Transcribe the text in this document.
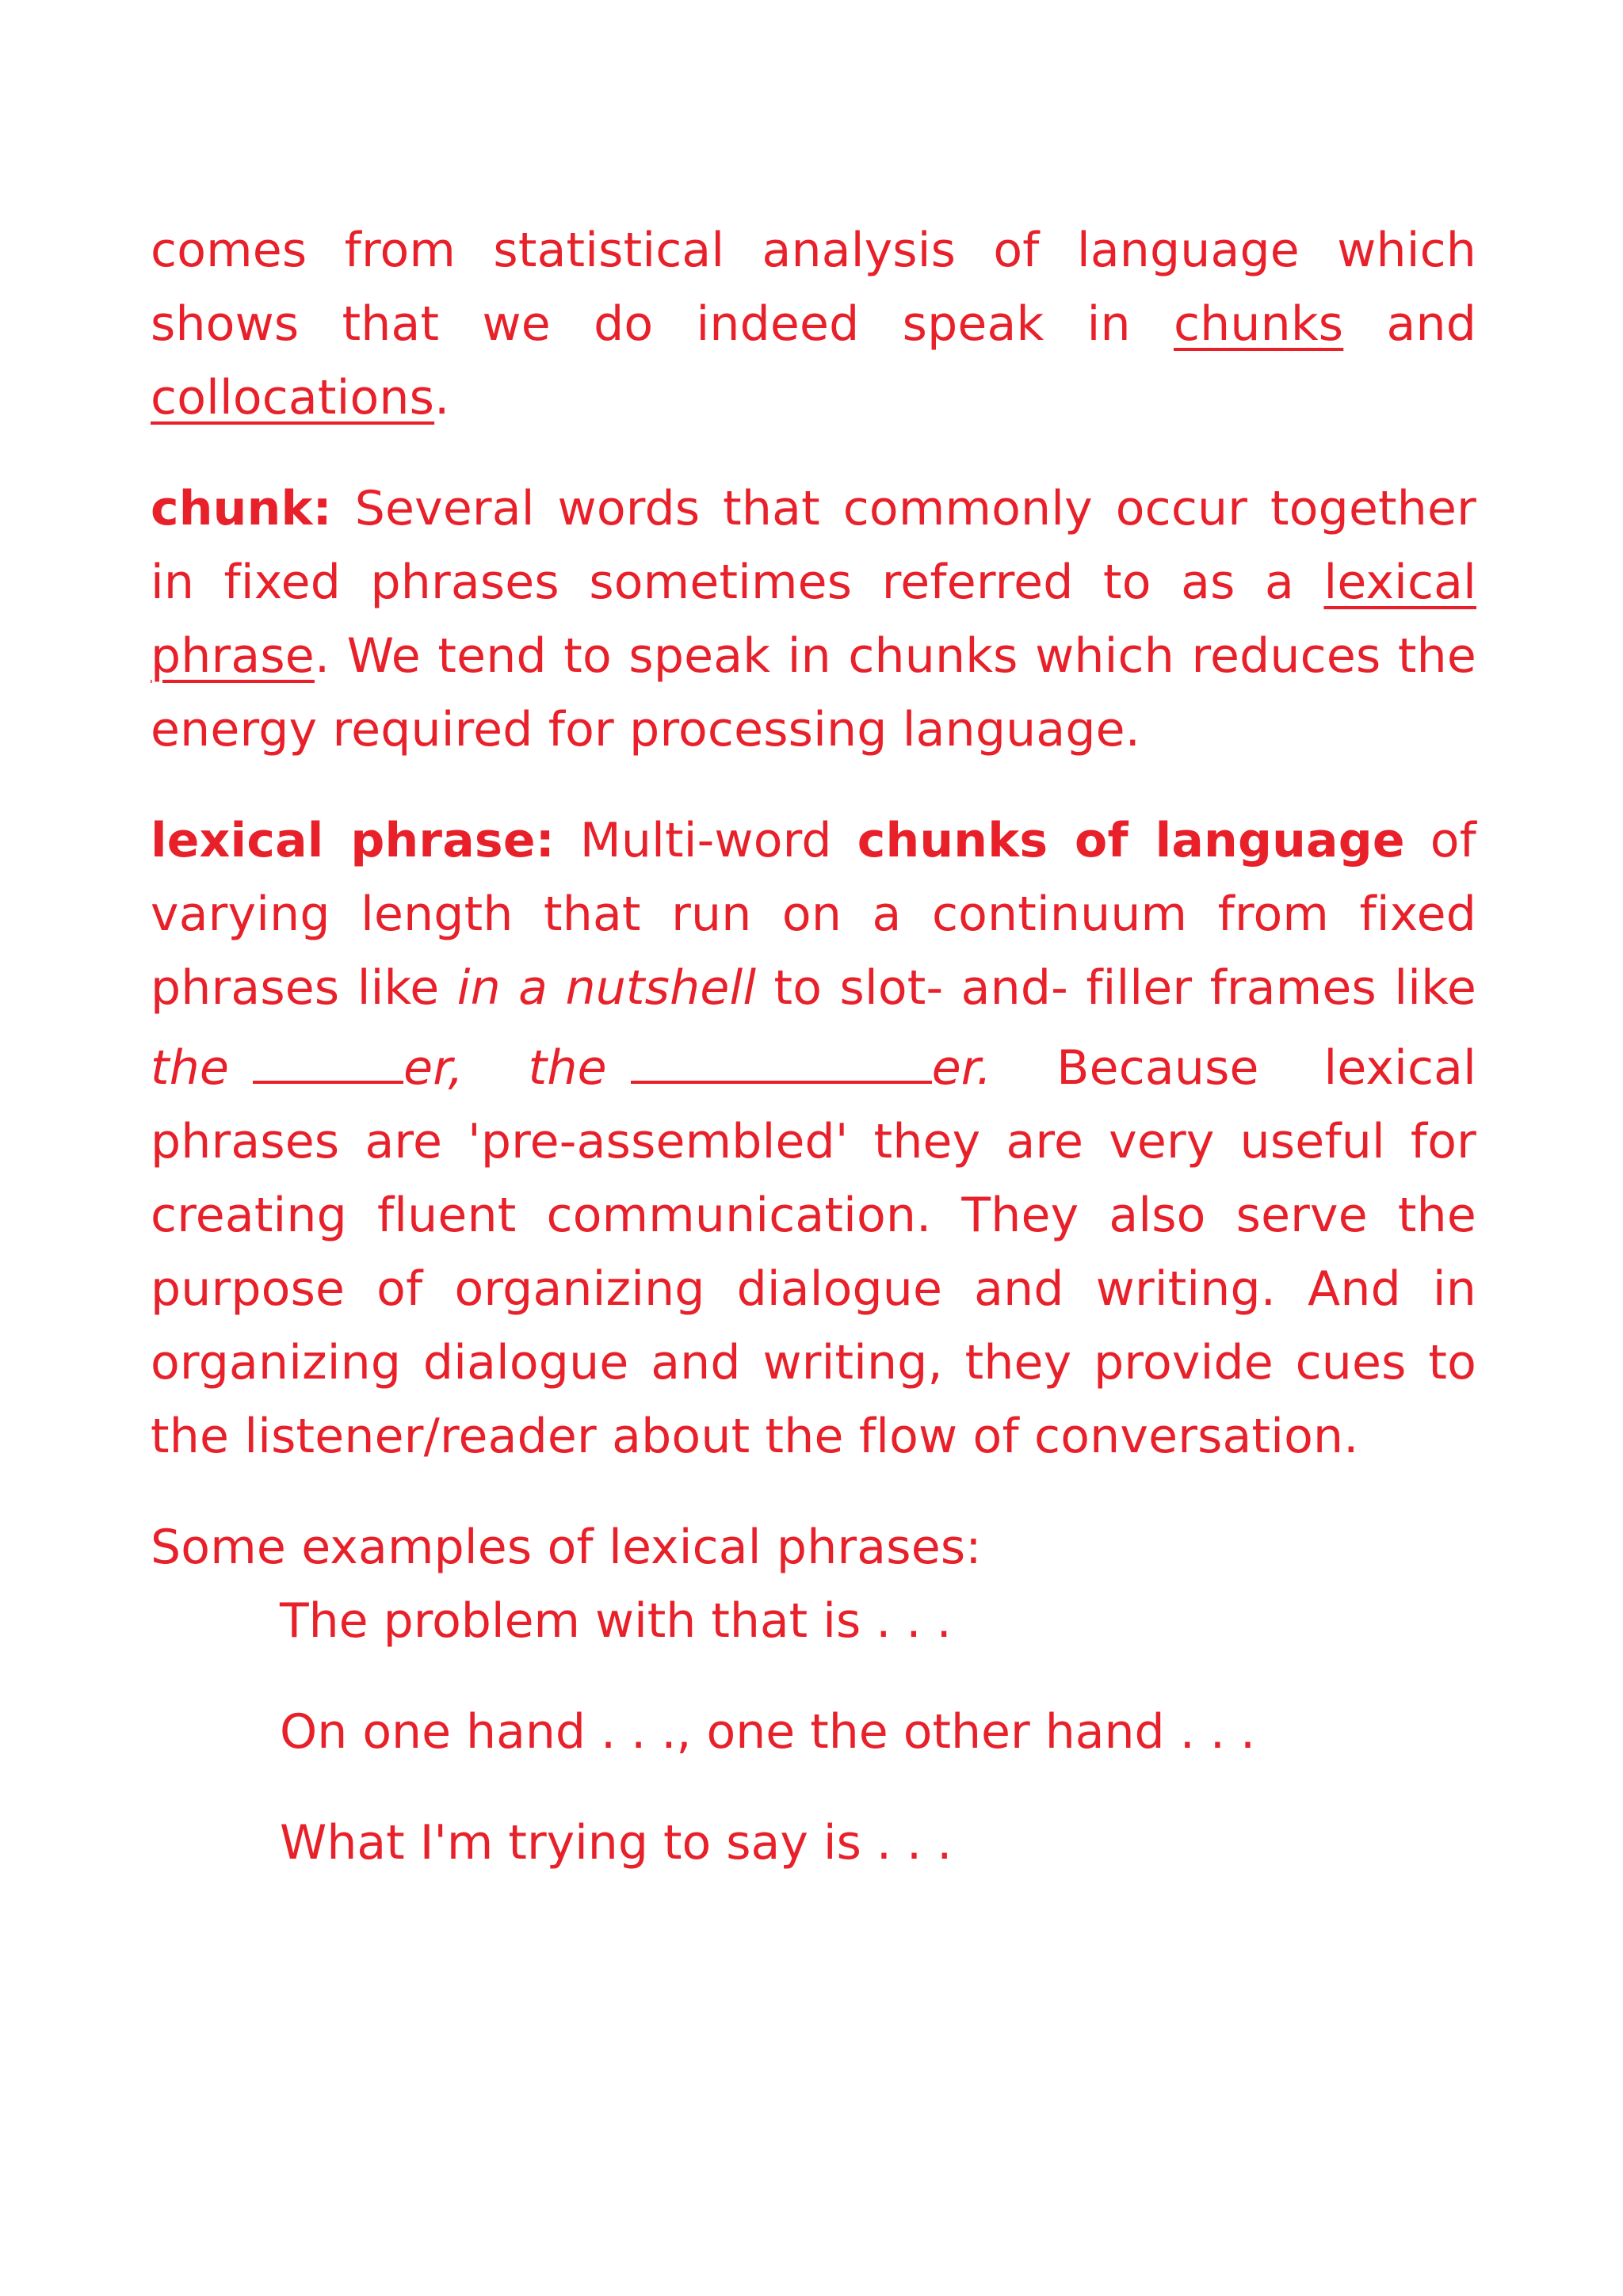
comes from statistical analysis of language which shows that we do indeed speak in chunks and collocations.

chunk: Several words that commonly occur together in fixed phrases sometimes referred to as a lexical phrase. We tend to speak in chunks which reduces the energy required for processing language.

lexical phrase: Multi-word chunks of language of varying length that run on a continuum from fixed phrases like in a nutshell to slot- and- filler frames like the	er, the	er. Because lexical phrases are 'pre-assembled' they are very useful for creating fluent communication. They also serve the purpose of organizing dialogue and writing. And in organizing dialogue and writing, they provide cues to the listener/reader about the flow of conversation.

Some examples of lexical phrases:

The problem with that is . . .
On one hand . . ., one the other hand . . .
What I'm trying to say is . . .
